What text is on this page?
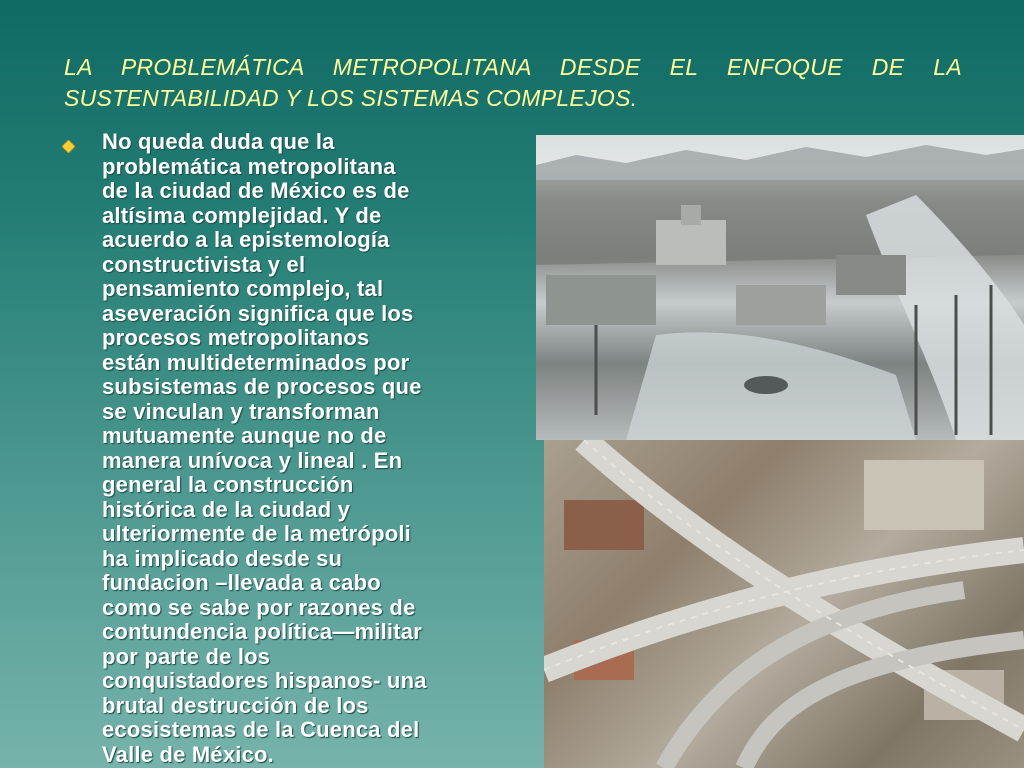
LA PROBLEMÁTICA METROPOLITANA DESDE EL ENFOQUE DE LA
SUSTENTABILIDAD Y LOS SISTEMAS COMPLEJOS.
No queda duda que la
problemática metropolitana
de la ciudad de México es de
altísima complejidad. Y de
acuerdo a la epistemología
constructivista y el
pensamiento complejo, tal
aseveración significa que los
procesos metropolitanos
están multideterminados por
subsistemas de procesos que
se vinculan y transforman
mutuamente aunque no de
manera unívoca y lineal . En
general la construcción
histórica de la ciudad y
ulteriormente de la metrópoli
ha implicado desde su
fundacion –llevada a cabo
como se sabe por razones de
contundencia política—militar
por parte de los
conquistadores hispanos- una
brutal destrucción de los
ecosistemas de la Cuenca del
Valle de México.
